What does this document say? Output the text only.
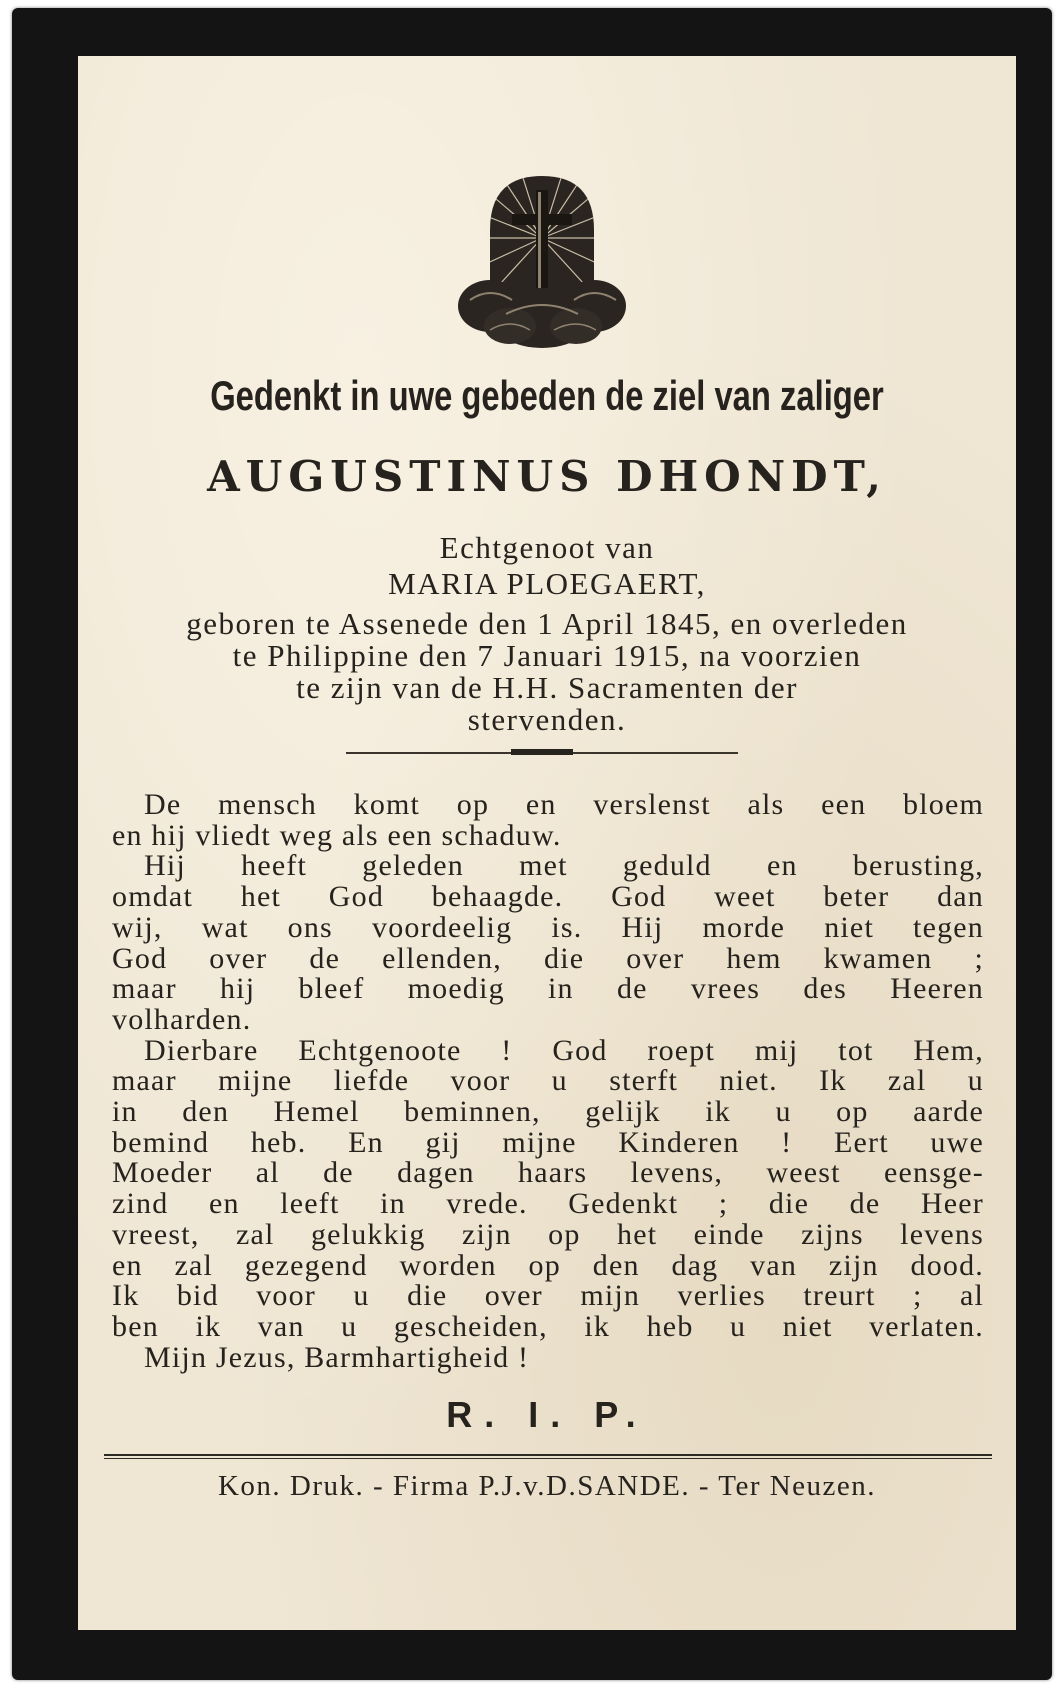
Gedenkt in uwe gebeden de ziel van zaliger
AUGUSTINUS DHONDT,
Echtgenoot van
MARIA PLOEGAERT,
geboren te Assenede den 1 April 1845, en overleden
te Philippine den 7 Januari 1915, na voorzien
te zijn van de H.H. Sacramenten der
stervenden.
De mensch komt op en verslenst als een bloem
en hij vliedt weg als een schaduw.
Hij heeft geleden met geduld en berusting,
omdat het God behaagde. God weet beter dan
wij, wat ons voordeelig is. Hij morde niet tegen
God over de ellenden, die over hem kwamen ;
maar hij bleef moedig in de vrees des Heeren
volharden.
Dierbare Echtgenoote ! God roept mij tot Hem,
maar mijne liefde voor u sterft niet. Ik zal u
in den Hemel beminnen, gelijk ik u op aarde
bemind heb. En gij mijne Kinderen ! Eert uwe
Moeder al de dagen haars levens, weest eensge-
zind en leeft in vrede. Gedenkt ; die de Heer
vreest, zal gelukkig zijn op het einde zijns levens
en zal gezegend worden op den dag van zijn dood.
Ik bid voor u die over mijn verlies treurt ; al
ben ik van u gescheiden, ik heb u niet verlaten.
Mijn Jezus, Barmhartigheid !
R. I. P.
Kon. Druk. - Firma P.J.v.D.SANDE. - Ter Neuzen.
